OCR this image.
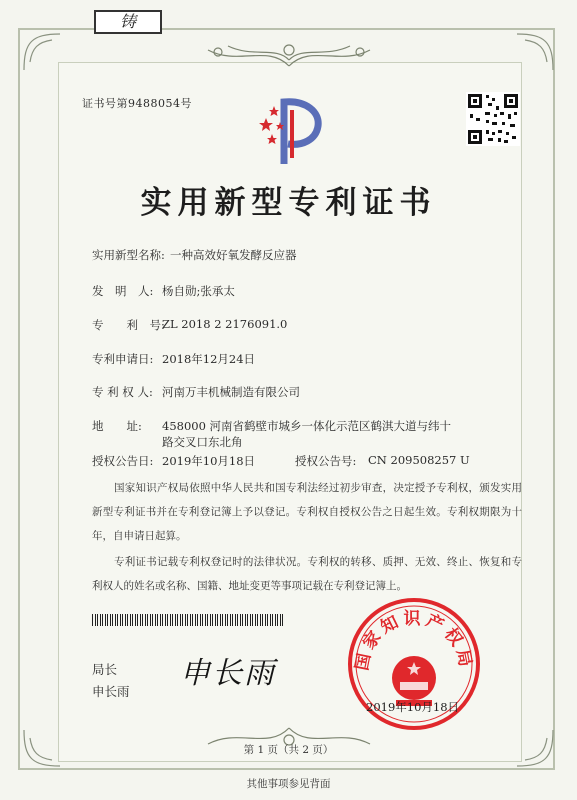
铸
证书号第9488054号
实用新型专利证书
实用新型名称: 一种高效好氧发酵反应器
发　明　人: 杨自勋;张承太
专　　利　号:
ZL 2018 2 2176091.0
专利申请日: 2018年12月24日
专 利 权 人: 河南万丰机械制造有限公司
地　　址: 458000 河南省鹤壁市城乡一体化示范区鹤淇大道与纬十
路交叉口东北角
授权公告日: 2019年10月18日	授权公告号: CN 209508257 U
国家知识产权局依照中华人民共和国专利法经过初步审查，决定授予专利权，颁发实用新型专利证书并在专利登记簿上予以登记。专利权自授权公告之日起生效。专利权期限为十年，自申请日起算。
专利证书记载专利权登记时的法律状况。专利权的转移、质押、无效、终止、恢复和专利权人的姓名或名称、国籍、地址变更等事项记载在专利登记簿上。
局长
申长雨
申长雨	国家知识产权局
2019年10月18日
第 1 页（共 2 页）
其他事项参见背面
